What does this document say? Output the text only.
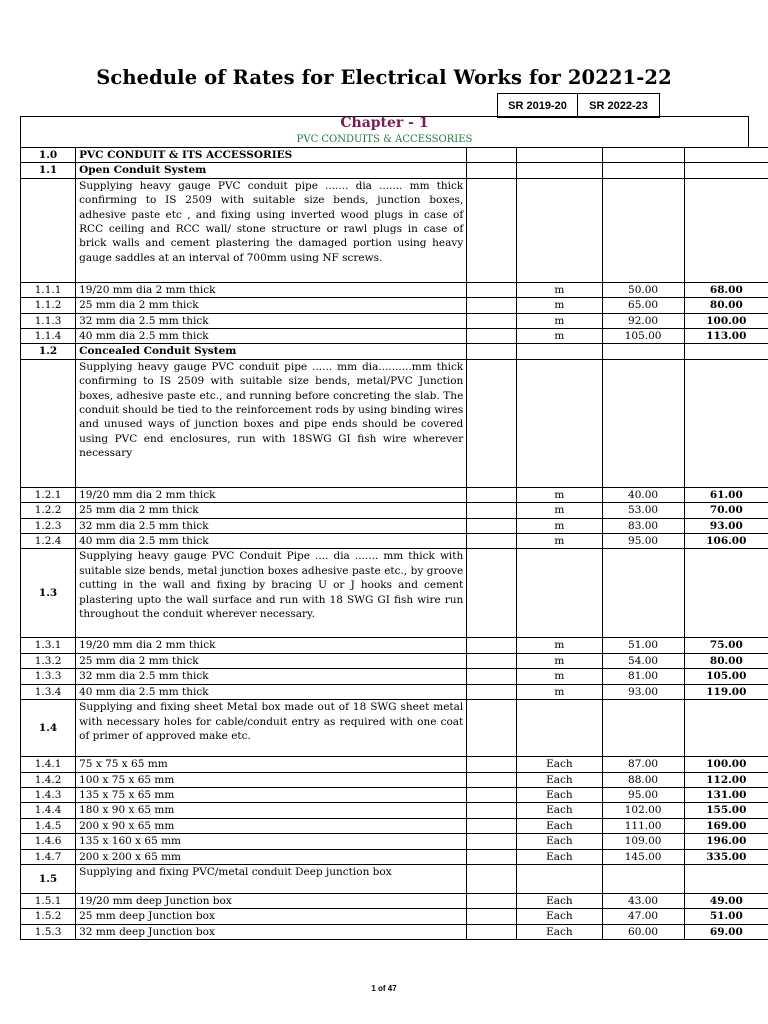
Schedule of Rates for Electrical Works for 20221-22
SR 2019-20	SR 2022-23
Chapter - 1
PVC CONDUITS & ACCESSORIES
1.0	PVC CONDUIT & ITS ACCESSORIES				
1.1	Open Conduit System				
	Supplying heavy gauge PVC conduit pipe ....... dia ....... mm thick confirming to IS 2509 with suitable size bends, junction boxes, adhesive paste etc , and fixing using inverted wood plugs in case of RCC ceiling and RCC wall/ stone structure or rawl plugs in case of brick walls and cement plastering the damaged portion using heavy gauge saddles at an interval of 700mm using NF screws.				
1.1.1	19/20 mm dia 2 mm thick		m	50.00	68.00
1.1.2	25 mm dia 2 mm thick		m	65.00	80.00
1.1.3	32 mm dia 2.5 mm thick		m	92.00	100.00
1.1.4	40 mm dia 2.5 mm thick		m	105.00	113.00
1.2	Concealed Conduit System				
	Supplying heavy gauge PVC conduit pipe ...... mm dia..........mm thick confirming to IS 2509 with suitable size bends, metal/PVC Junction boxes, adhesive paste etc., and running before concreting the slab. The conduit should be tied to the reinforcement rods by using binding wires and unused ways of junction boxes and pipe ends should be covered using PVC end enclosures, run with 18SWG GI fish wire wherever necessary				
1.2.1	19/20 mm dia 2 mm thick		m	40.00	61.00
1.2.2	25 mm dia 2 mm thick		m	53.00	70.00
1.2.3	32 mm dia 2.5 mm thick		m	83.00	93.00
1.2.4	40 mm dia 2.5 mm thick		m	95.00	106.00
1.3	Supplying heavy gauge PVC Conduit Pipe .... dia ....... mm thick with suitable size bends, metal junction boxes adhesive paste etc., by groove cutting in the wall and fixing by bracing U or J hooks and cement plastering upto the wall surface and run with 18 SWG GI fish wire run throughout the conduit wherever necessary.				
1.3.1	19/20 mm dia 2 mm thick		m	51.00	75.00
1.3.2	25 mm dia 2 mm thick		m	54.00	80.00
1.3.3	32 mm dia 2.5 mm thick		m	81.00	105.00
1.3.4	40 mm dia 2.5 mm thick		m	93.00	119.00
1.4	Supplying and fixing sheet Metal box made out of 18 SWG sheet metal with necessary holes for cable/conduit entry as required with one coat of primer of approved make etc.				
1.4.1	75 x 75 x 65 mm		Each	87.00	100.00
1.4.2	100 x 75 x 65 mm		Each	88.00	112.00
1.4.3	135 x 75 x 65 mm		Each	95.00	131.00
1.4.4	180 x 90 x 65 mm		Each	102.00	155.00
1.4.5	200 x 90 x 65 mm		Each	111.00	169.00
1.4.6	135 x 160 x 65 mm		Each	109.00	196.00
1.4.7	200 x 200 x 65 mm		Each	145.00	335.00
1.5	Supplying and fixing PVC/metal conduit Deep junction box				
1.5.1	19/20 mm deep Junction box		Each	43.00	49.00
1.5.2	25 mm deep Junction box		Each	47.00	51.00
1.5.3	32 mm deep Junction box		Each	60.00	69.00
1 of 47
